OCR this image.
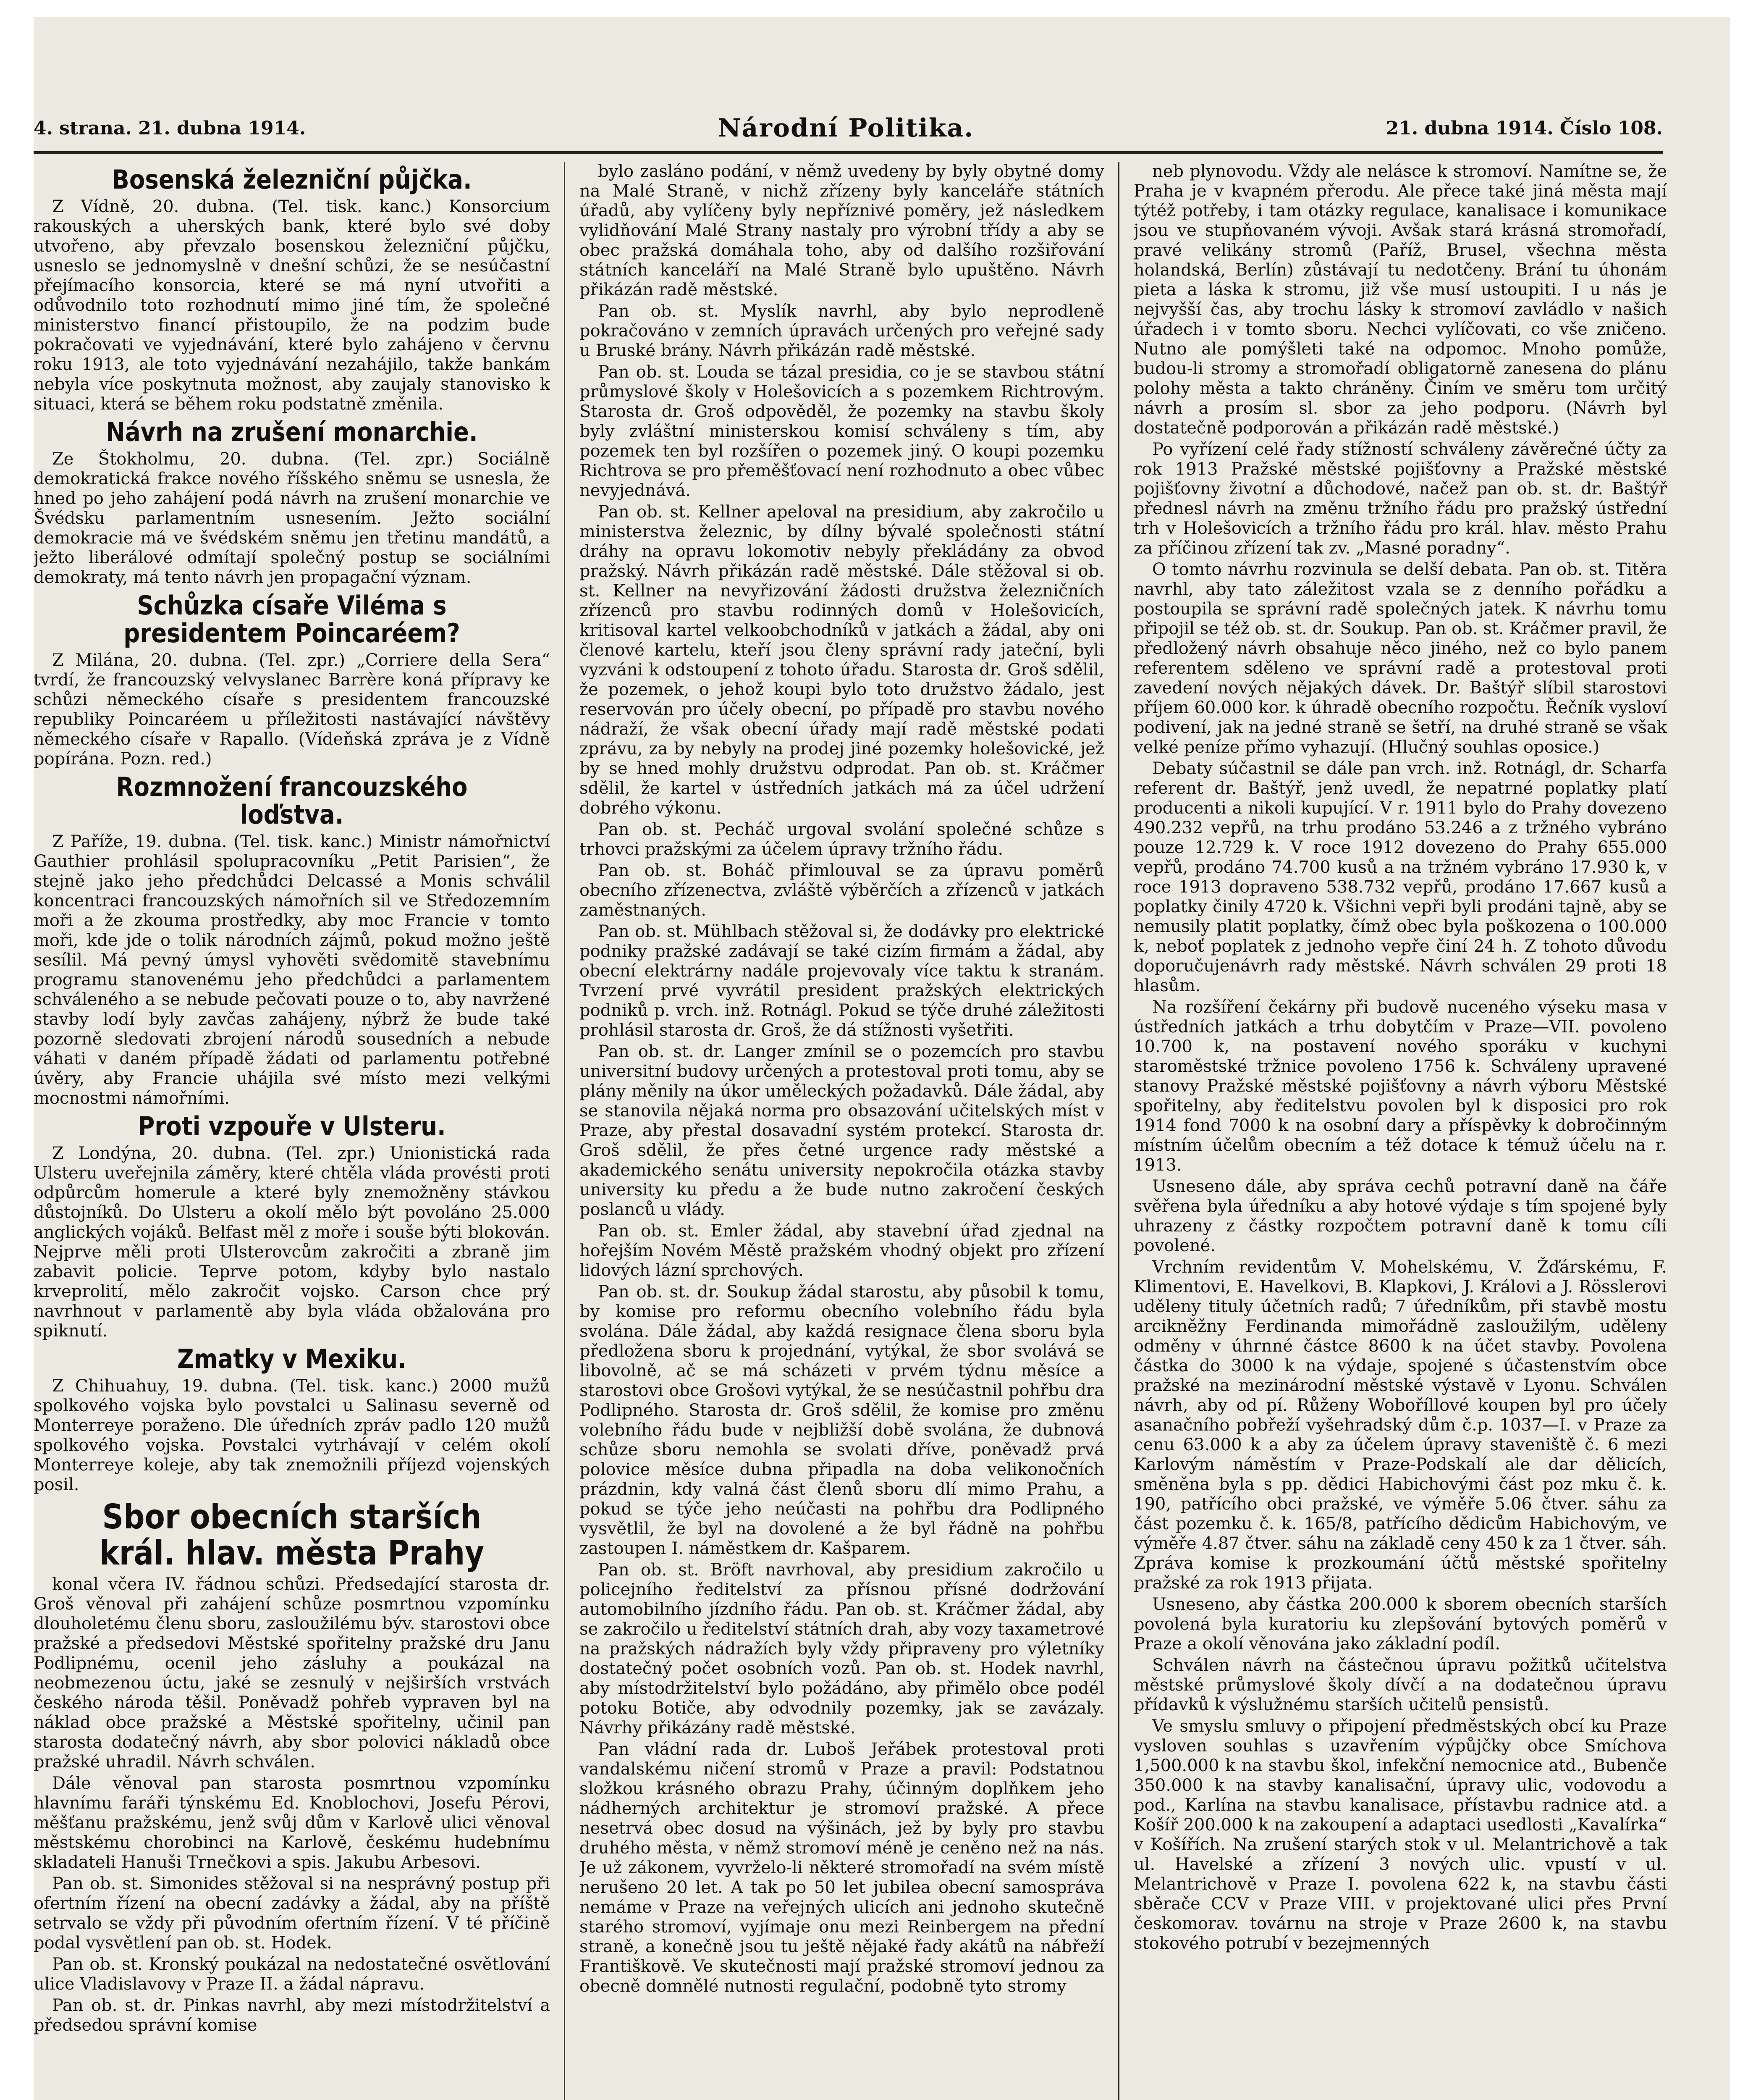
4. strana. 21. dubna 1914.	Národní Politika.	21. dubna 1914. Číslo 108.
Bosenská železniční půjčka.

Z Vídně, 20. dubna. (Tel. tisk. kanc.) Konsorcium rakouských a uherských bank, které bylo své doby utvořeno, aby převzalo bosenskou železniční půjčku, usneslo se jednomyslně v dnešní schůzi, že se nesúčastní přejímacího konsorcia, které se má nyní utvořiti a odůvodnilo toto rozhodnutí mimo jiné tím, že společné ministerstvo financí přistoupilo, že na podzim bude pokračovati ve vyjednávání, které bylo zahájeno v červnu roku 1913, ale toto vyjednávání nezahájilo, takže bankám nebyla více poskytnuta možnost, aby zaujaly stanovisko k situaci, která se během roku podstatně změnila.

Návrh na zrušení monarchie.

Ze Štokholmu, 20. dubna. (Tel. zpr.) Sociálně demokratická frakce nového říšského sněmu se usnesla, že hned po jeho zahájení podá návrh na zrušení monarchie ve Švédsku parlamentním usnesením. Ježto sociální demokracie má ve švédském sněmu jen třetinu mandátů, a ježto liberálové odmítají společný postup se sociálními demokraty, má tento návrh jen propagační význam.

Schůzka císaře Viléma s presidentem Poincaréem?

Z Milána, 20. dubna. (Tel. zpr.) „Corriere della Sera“ tvrdí, že francouzský velvyslanec Barrère koná přípravy ke schůzi německého císaře s presidentem francouzské republiky Poincaréem u příležitosti nastávající návštěvy německého císaře v Rapallo. (Vídeňská zpráva je z Vídně popírána. Pozn. red.)

Rozmnožení francouzského loďstva.

Z Paříže, 19. dubna. (Tel. tisk. kanc.) Ministr námořnictví Gauthier prohlásil spolupracovníku „Petit Parisien“, že stejně jako jeho předchůdci Delcassé a Monis schválil koncentraci francouzských námořních sil ve Středozemním moři a že zkouma prostředky, aby moc Francie v tomto moři, kde jde o tolik národních zájmů, pokud možno ještě sesílil. Má pevný úmysl vyhověti svědomitě stavebnímu programu stanovenému jeho předchůdci a parlamentem schváleného a se nebude pečovati pouze o to, aby navržené stavby lodí byly zavčas zahájeny, nýbrž že bude také pozorně sledovati zbrojení národů sousedních a nebude váhati v daném případě žádati od parlamentu potřebné úvěry, aby Francie uhájila své místo mezi velkými mocnostmi námořními.

Proti vzpouře v Ulsteru.

Z Londýna, 20. dubna. (Tel. zpr.) Unionistická rada Ulsteru uveřejnila záměry, které chtěla vláda provésti proti odpůrcům homerule a které byly znemožněny stávkou důstojníků. Do Ulsteru a okolí mělo být povoláno 25.000 anglických vojáků. Belfast měl z moře i souše býti blokován. Nejprve měli proti Ulsterovcům zakročiti a zbraně jim zabavit policie. Teprve potom, kdyby bylo nastalo krveprolití, mělo zakročit vojsko. Carson chce prý navrhnout v parlamentě aby byla vláda obžalována pro spiknutí.

Zmatky v Mexiku.

Z Chihuahuy, 19. dubna. (Tel. tisk. kanc.) 2000 mužů spolkového vojska bylo povstalci u Salinasu severně od Monterreye poraženo. Dle úředních zpráv padlo 120 mužů spolkového vojska. Povstalci vytrhávají v celém okolí Monterreye koleje, aby tak znemožnili příjezd vojenských posil.

Sbor obecních starších král. hlav. města Prahy

konal včera IV. řádnou schůzi. Předsedající starosta dr. Groš věnoval při zahájení schůze posmrtnou vzpomínku dlouholetému členu sboru, zasloužilému býv. starostovi obce pražské a předsedovi Městské spořitelny pražské dru Janu Podlipnému, ocenil jeho zásluhy a poukázal na neobmezenou úctu, jaké se zesnulý v nejširších vrstvách českého národa těšil. Poněvadž pohřeb vypraven byl na náklad obce pražské a Městské spořitelny, učinil pan starosta dodatečný návrh, aby sbor polovici nákladů obce pražské uhradil. Návrh schválen.

Dále věnoval pan starosta posmrtnou vzpomínku hlavnímu faráři týnskému Ed. Knoblochovi, Josefu Pérovi, měšťanu pražskému, jenž svůj dům v Karlově ulici věnoval městskému chorobinci na Karlově, českému hudebnímu skladateli Hanuši Trnečkovi a spis. Jakubu Arbesovi.

Pan ob. st. Simonides stěžoval si na nesprávný postup při ofertním řízení na obecní zadávky a žádal, aby na příště setrvalo se vždy při původním ofertním řízení. V té příčině podal vysvětlení pan ob. st. Hodek.

Pan ob. st. Kronský poukázal na nedostatečné osvětlování ulice Vladislavovy v Praze II. a žádal nápravu.

Pan ob. st. dr. Pinkas navrhl, aby mezi místodržitelství a předsedou správní komise

bylo zasláno podání, v němž uvedeny by byly obytné domy na Malé Straně, v nichž zřízeny byly kanceláře státních úřadů, aby vylíčeny byly nepříznivé poměry, jež následkem vylidňování Malé Strany nastaly pro výrobní třídy a aby se obec pražská domáhala toho, aby od dalšího rozšiřování státních kanceláří na Malé Straně bylo upuštěno. Návrh přikázán radě městské.

Pan ob. st. Myslík navrhl, aby bylo neprodleně pokračováno v zemních úpravách určených pro veřejné sady u Bruské brány. Návrh přikázán radě městské.

Pan ob. st. Louda se tázal presidia, co je se stavbou státní průmyslové školy v Holešovicích a s pozemkem Richtrovým. Starosta dr. Groš odpověděl, že pozemky na stavbu školy byly zvláštní ministerskou komisí schváleny s tím, aby pozemek ten byl rozšířen o pozemek jiný. O koupi pozemku Richtrova se pro přeměšťovací není rozhodnuto a obec vůbec nevyjednává.

Pan ob. st. Kellner apeloval na presidium, aby zakročilo u ministerstva železnic, by dílny bývalé společnosti státní dráhy na opravu lokomotiv nebyly překládány za obvod pražský. Návrh přikázán radě městské. Dále stěžoval si ob. st. Kellner na nevyřizování žádosti družstva železničních zřízenců pro stavbu rodinných domů v Holešovicích, kritisoval kartel velkoobchodníků v jatkách a žádal, aby oni členové kartelu, kteří jsou členy správní rady jateční, byli vyzváni k odstoupení z tohoto úřadu. Starosta dr. Groš sdělil, že pozemek, o jehož koupi bylo toto družstvo žádalo, jest reservován pro účely obecní, po případě pro stavbu nového nádraží, že však obecní úřady mají radě městské podati zprávu, za by nebyly na prodej jiné pozemky holešovické, jež by se hned mohly družstvu odprodat. Pan ob. st. Kráčmer sdělil, že kartel v ústředních jatkách má za účel udržení dobrého výkonu.

Pan ob. st. Pecháč urgoval svolání společné schůze s trhovci pražskými za účelem úpravy tržního řádu.

Pan ob. st. Boháč přimlouval se za úpravu poměrů obecního zřízenectva, zvláště výběrčích a zřízenců v jatkách zaměstnaných.

Pan ob. st. Mühlbach stěžoval si, že dodávky pro elektrické podniky pražské zadávají se také cizím firmám a žádal, aby obecní elektrárny nadále projevovaly více taktu k stranám. Tvrzení prvé vyvrátil president pražských elektrických podniků p. vrch. inž. Rotnágl. Pokud se týče druhé záležitosti prohlásil starosta dr. Groš, že dá stížnosti vyšetřiti.

Pan ob. st. dr. Langer zmínil se o pozemcích pro stavbu universitní budovy určených a protestoval proti tomu, aby se plány měnily na úkor uměleckých požadavků. Dále žádal, aby se stanovila nějaká norma pro obsazování učitelských míst v Praze, aby přestal dosavadní systém protekcí. Starosta dr. Groš sdělil, že přes četné urgence rady městské a akademického senátu university nepokročila otázka stavby university ku předu a že bude nutno zakročení českých poslanců u vlády.

Pan ob. st. Emler žádal, aby stavební úřad zjednal na hořejším Novém Městě pražském vhodný objekt pro zřízení lidových lázní sprchových.

Pan ob. st. dr. Soukup žádal starostu, aby působil k tomu, by komise pro reformu obecního volebního řádu byla svolána. Dále žádal, aby každá resignace člena sboru byla předložena sboru k projednání, vytýkal, že sbor svolává se libovolně, ač se má scházeti v prvém týdnu měsíce a starostovi obce Grošovi vytýkal, že se nesúčastnil pohřbu dra Podlipného. Starosta dr. Groš sdělil, že komise pro změnu volebního řádu bude v nejbližší době svolána, že dubnová schůze sboru nemohla se svolati dříve, poněvadž prvá polovice měsíce dubna připadla na doba velikonočních prázdnin, kdy valná část členů sboru dlí mimo Prahu, a pokud se týče jeho neúčasti na pohřbu dra Podlipného vysvětlil, že byl na dovolené a že byl řádně na pohřbu zastoupen I. náměstkem dr. Kašparem.

Pan ob. st. Bröft navrhoval, aby presidium zakročilo u policejního ředitelství za přísnou přísné dodržování automobilního jízdního řádu. Pan ob. st. Kráčmer žádal, aby se zakročilo u ředitelství státních drah, aby vozy taxametrové na pražských nádražích byly vždy připraveny pro výletníky dostatečný počet osobních vozů. Pan ob. st. Hodek navrhl, aby místodržitelství bylo požádáno, aby přimělo obce podél potoku Botiče, aby odvodnily pozemky, jak se zavázaly. Návrhy přikázány radě městské.

Pan vládní rada dr. Luboš Jeřábek protestoval proti vandalskému ničení stromů v Praze a pravil: Podstatnou složkou krásného obrazu Prahy, účinným doplňkem jeho nádherných architektur je stromoví pražské. A přece nesetrvá obec dosud na výšinách, jež by byly pro stavbu druhého města, v němž stromoví méně je ceněno než na nás. Je už zákonem, vyvrželo-li některé stromořadí na svém místě nerušeno 20 let. A tak po 50 let jubilea obecní samospráva nemáme v Praze na veřejných ulicích ani jednoho skutečně starého stromoví, vyjímaje onu mezi Reinbergem na přední straně, a konečně jsou tu ještě nějaké řady akátů na nábřeží Františkově. Ve skutečnosti mají pražské stromoví jednou za obecně domnělé nutnosti regulační, podobně tyto stromy

neb plynovodu. Vždy ale nelásce k stromoví. Namítne se, že Praha je v kvapném přerodu. Ale přece také jiná města mají týtéž potřeby, i tam otázky regulace, kanalisace i komunikace jsou ve stupňovaném vývoji. Avšak stará krásná stromořadí, pravé velikány stromů (Paříž, Brusel, všechna města holandská, Berlín) zůstávají tu nedotčeny. Brání tu úhonám pieta a láska k stromu, již vše musí ustoupiti. I u nás je nejvyšší čas, aby trochu lásky k stromoví zavládlo v našich úřadech i v tomto sboru. Nechci vylíčovati, co vše zničeno. Nutno ale pomýšleti také na odpomoc. Mnoho pomůže, budou-li stromy a stromořadí obligatorně zanesena do plánu polohy města a takto chráněny. Činím ve směru tom určitý návrh a prosím sl. sbor za jeho podporu. (Návrh byl dostatečně podporován a přikázán radě městské.)

Po vyřízení celé řady stížností schváleny závěrečné účty za rok 1913 Pražské městské pojišťovny a Pražské městské pojišťovny životní a důchodové, načež pan ob. st. dr. Baštýř přednesl návrh na změnu tržního řádu pro pražský ústřední trh v Holešovicích a tržního řádu pro král. hlav. město Prahu za příčinou zřízení tak zv. „Masné poradny“.

O tomto návrhu rozvinula se delší debata. Pan ob. st. Titěra navrhl, aby tato záležitost vzala se z denního pořádku a postoupila se správní radě společných jatek. K návrhu tomu připojil se též ob. st. dr. Soukup. Pan ob. st. Kráčmer pravil, že předložený návrh obsahuje něco jiného, než co bylo panem referentem sděleno ve správní radě a protestoval proti zavedení nových nějakých dávek. Dr. Baštýř slíbil starostovi příjem 60.000 kor. k úhradě obecního rozpočtu. Řečník vysloví podivení, jak na jedné straně se šetří, na druhé straně se však velké peníze přímo vyhazují. (Hlučný souhlas oposice.)

Debaty súčastnil se dále pan vrch. inž. Rotnágl, dr. Scharfa referent dr. Baštýř, jenž uvedl, že nepatrné poplatky platí producenti a nikoli kupující. V r. 1911 bylo do Prahy dovezeno 490.232 vepřů, na trhu prodáno 53.246 a z tržného vybráno pouze 12.729 k. V roce 1912 dovezeno do Prahy 655.000 vepřů, prodáno 74.700 kusů a na tržném vybráno 17.930 k, v roce 1913 dopraveno 538.732 vepřů, prodáno 17.667 kusů a poplatky činily 4720 k. Všichni vepři byli prodáni tajně, aby se nemusily platit poplatky, čímž obec byla poškozena o 100.000 k, neboť poplatek z jednoho vepře činí 24 h. Z tohoto důvodu doporučujenávrh rady městské. Návrh schválen 29 proti 18 hlasům.

Na rozšíření čekárny při budově nuceného výseku masa v ústředních jatkách a trhu dobytčím v Praze—VII. povoleno 10.700 k, na postavení nového sporáku v kuchyni staroměstské tržnice povoleno 1756 k. Schváleny upravené stanovy Pražské městské pojišťovny a návrh výboru Městské spořitelny, aby ředitelstvu povolen byl k disposici pro rok 1914 fond 7000 k na osobní dary a příspěvky k dobročinným místním účelům obecním a též dotace k témuž účelu na r. 1913.

Usneseno dále, aby správa cechů potravní daně na čáře svěřena byla úředníku a aby hotové výdaje s tím spojené byly uhrazeny z částky rozpočtem potravní daně k tomu cíli povolené.

Vrchním revidentům V. Mohelskému, V. Žďárskému, F. Klimentovi, E. Havelkovi, B. Klapkovi, J. Královi a J. Rösslerovi uděleny tituly účetních radů; 7 úředníkům, při stavbě mostu arcikněžny Ferdinanda mimořádně zasloužilým, uděleny odměny v úhrnné částce 8600 k na účet stavby. Povolena částka do 3000 k na výdaje, spojené s účastenstvím obce pražské na mezinárodní městské výstavě v Lyonu. Schválen návrh, aby od pí. Růženy Woboříllové koupen byl pro účely asanačního pobřeží vyšehradský dům č.p. 1037—I. v Praze za cenu 63.000 k a aby za účelem úpravy staveniště č. 6 mezi Karlovým náměstím v Praze-Podskalí ale dar dělicích, směněna byla s pp. dědici Habichovými část poz mku č. k. 190, patřícího obci pražské, ve výměře 5.06 čtver. sáhu za část pozemku č. k. 165/8, patřícího dědicům Habichovým, ve výměře 4.87 čtver. sáhu na základě ceny 450 k za 1 čtver. sáh. Zpráva komise k prozkoumání účtů městské spořitelny pražské za rok 1913 přijata.

Usneseno, aby částka 200.000 k sborem obecních starších povolená byla kuratoriu ku zlepšování bytových poměrů v Praze a okolí věnována jako základní podíl.

Schválen návrh na částečnou úpravu požitků učitelstva městské průmyslové školy dívčí a na dodatečnou úpravu přídavků k výslužnému starších učitelů pensistů.

Ve smyslu smluvy o připojení předměstských obcí ku Praze vysloven souhlas s uzavřením výpůjčky obce Smíchova 1,500.000 k na stavbu škol, infekční nemocnice atd., Bubenče 350.000 k na stavby kanalisační, úpravy ulic, vodovodu a pod., Karlína na stavbu kanalisace, přístavbu radnice atd. a Košíř 200.000 k na zakoupení a adaptaci usedlosti „Kavalírka“ v Košířích. Na zrušení starých stok v ul. Melantrichově a tak ul. Havelské a zřízení 3 nových ulic. vpustí v ul. Melantrichově v Praze I. povolena 622 k, na stavbu části sběrače CCV v Praze VIII. v projektované ulici přes První českomorav. továrnu na stroje v Praze 2600 k, na stavbu stokového potrubí v bezejmenných
